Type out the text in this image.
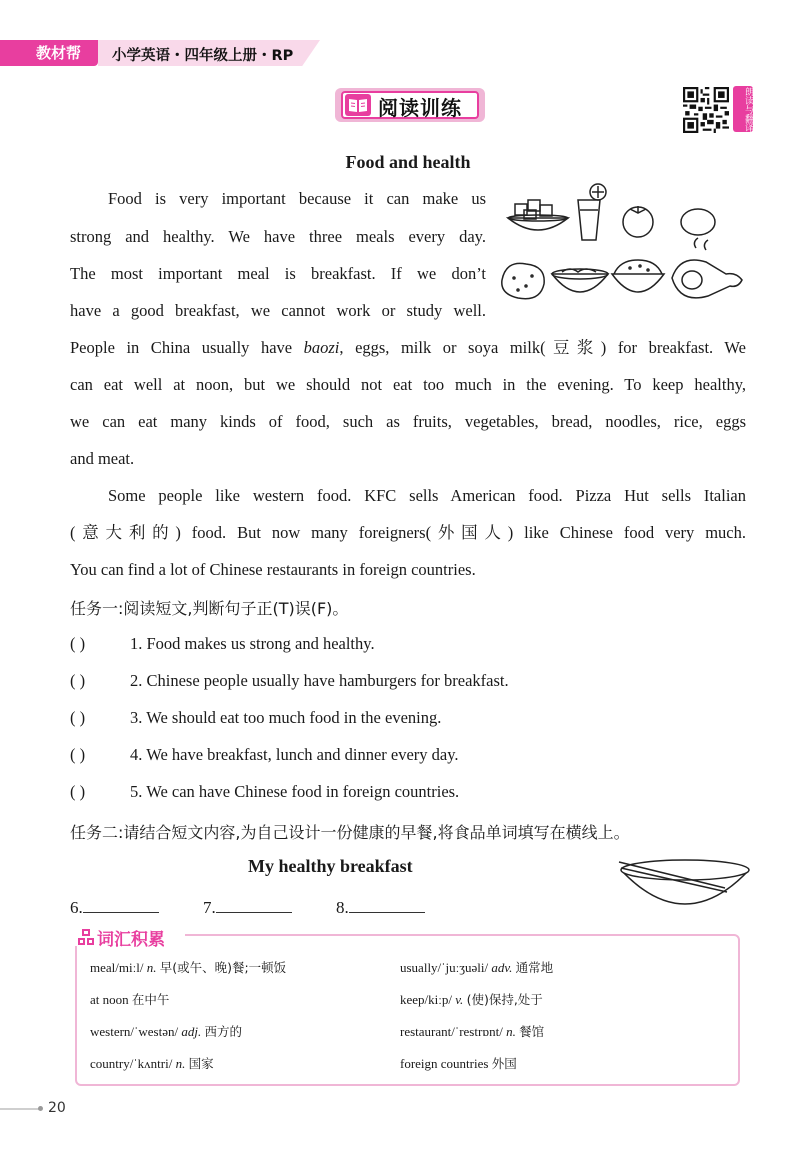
教材帮	小学英语・四年级上册・RP
阅读训练	朗读与翻译
Food and health
Food is very important because it can make us
strong and healthy. We have three meals every day.
The most important meal is breakfast. If we don’t
have a good breakfast, we cannot work or study well.
People in China usually have baozi, eggs, milk or soya milk(豆浆) for breakfast. We
can eat well at noon, but we should not eat too much in the evening. To keep healthy,
we can eat many kinds of food, such as fruits, vegetables, bread, noodles, rice, eggs
and meat.
Some people like western food. KFC sells American food. Pizza Hut sells Italian
(意大利的) food. But now many foreigners(外国人) like Chinese food very much.
You can find a lot of Chinese restaurants in foreign countries.
任务一:阅读短文,判断句子正(T)误(F)。
( )	1. Food makes us strong and healthy.
( )	2. Chinese people usually have hamburgers for breakfast.
( )	3. We should eat too much food in the evening.
( )	4. We have breakfast, lunch and dinner every day.
( )	5. We can have Chinese food in foreign countries.
任务二:请结合短文内容,为自己设计一份健康的早餐,将食品单词填写在横线上。
My healthy breakfast
6.	7.	8.
词汇积累
meal/miːl/ n. 早(或午、晚)餐;一顿饭	usually/ˈjuːʒuəli/ adv. 通常地
at noon 在中午	keep/kiːp/ v. (使)保持,处于
western/ˈwestən/ adj. 西方的	restaurant/ˈrestrɒnt/ n. 餐馆
country/ˈkʌntri/ n. 国家	foreign countries 外国
20
